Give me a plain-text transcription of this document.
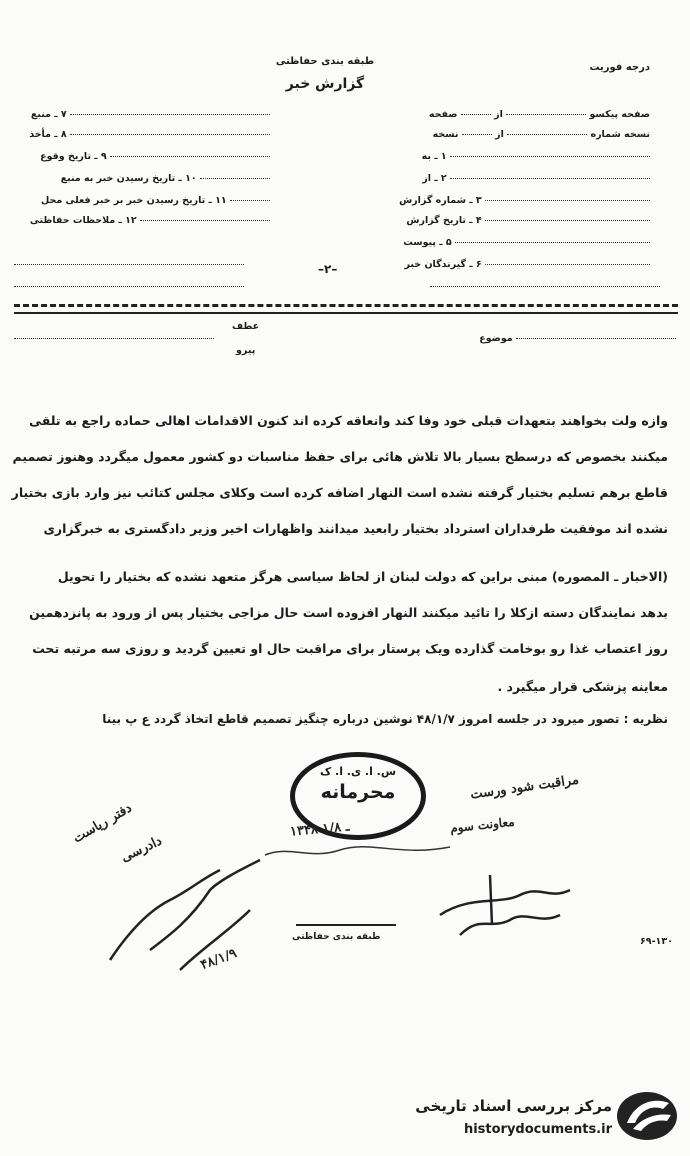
طبقه بندی حفاظتی
گزارش خبر
درجه فوریت
صفحه پیکسو  از  صفحه
نسخه شماره  از  نسخه
۱ ـ به
۲ ـ از
۳ ـ شماره گزارش
۴ ـ تاریخ گزارش
۵ ـ پیوست
۶ ـ گیرندگان خبر
۷ ـ منبع
۸ ـ مأخذ
۹ ـ تاریخ وقوع
۱۰ ـ تاریخ رسیدن خبر به منبع
۱۱ ـ تاریخ رسیدن خبر بر خبر فعلی محل
۱۲ ـ ملاحظات حفاظتی
–۲–
موضوع
عطف
پیرو
وازه ولت بخواهند بتعهدات قبلی خود وفا کند وانعاقه کرده اند کنون الاقدامات اهالی حماده راجع به تلقی
میکنند بخصوص که درسطح بسیار بالا تلاش هائی برای حفظ مناسبات دو کشور معمول میگردد وهنوز تصمیم
قاطع برهم تسلیم بختیار گرفته نشده است النهار اضافه کرده است وکلای مجلس کتائب نیز وارد بازی بختیار
نشده اند موفقیت طرفداران استرداد بختیار رابعید میدانند واظهارات اخیر وزیر دادگستری به خبرگزاری
(الاخبار ـ المصوره) مبنی براین که دولت لبنان از لحاظ سیاسی هرگز متعهد نشده که بختیار را تحویل
بدهد نمایندگان دسته ازکلا را تائید میکنند النهار افزوده است حال مزاجی بختیار پس از ورود به پانزدهمین
روز اعتصاب غذا رو بوخامت گذارده ویک پرستار برای مراقبت حال او تعیین گردید و روزی سه مرتبه تحت
معاینه پزشکی قرار میگیرد .
نظریه : تصور میرود در جلسه امروز ۴۸/۱/۷ نوشین درباره چنگیز تصمیم قاطع اتخاذ گردد ع پ بینا
س. ا. ی. ا. ک
محرمانه	مراقبت شود ورست
معاونت سوم
۱۳۴۸ ـ ۱/۸
دفتر ریاست
دادرسی
۴۸/۱/۹
طبقه بندی حفاظتی	۶۹-۱۳۰
مرکز بررسی اسناد تاریخی
historydocuments.ir
